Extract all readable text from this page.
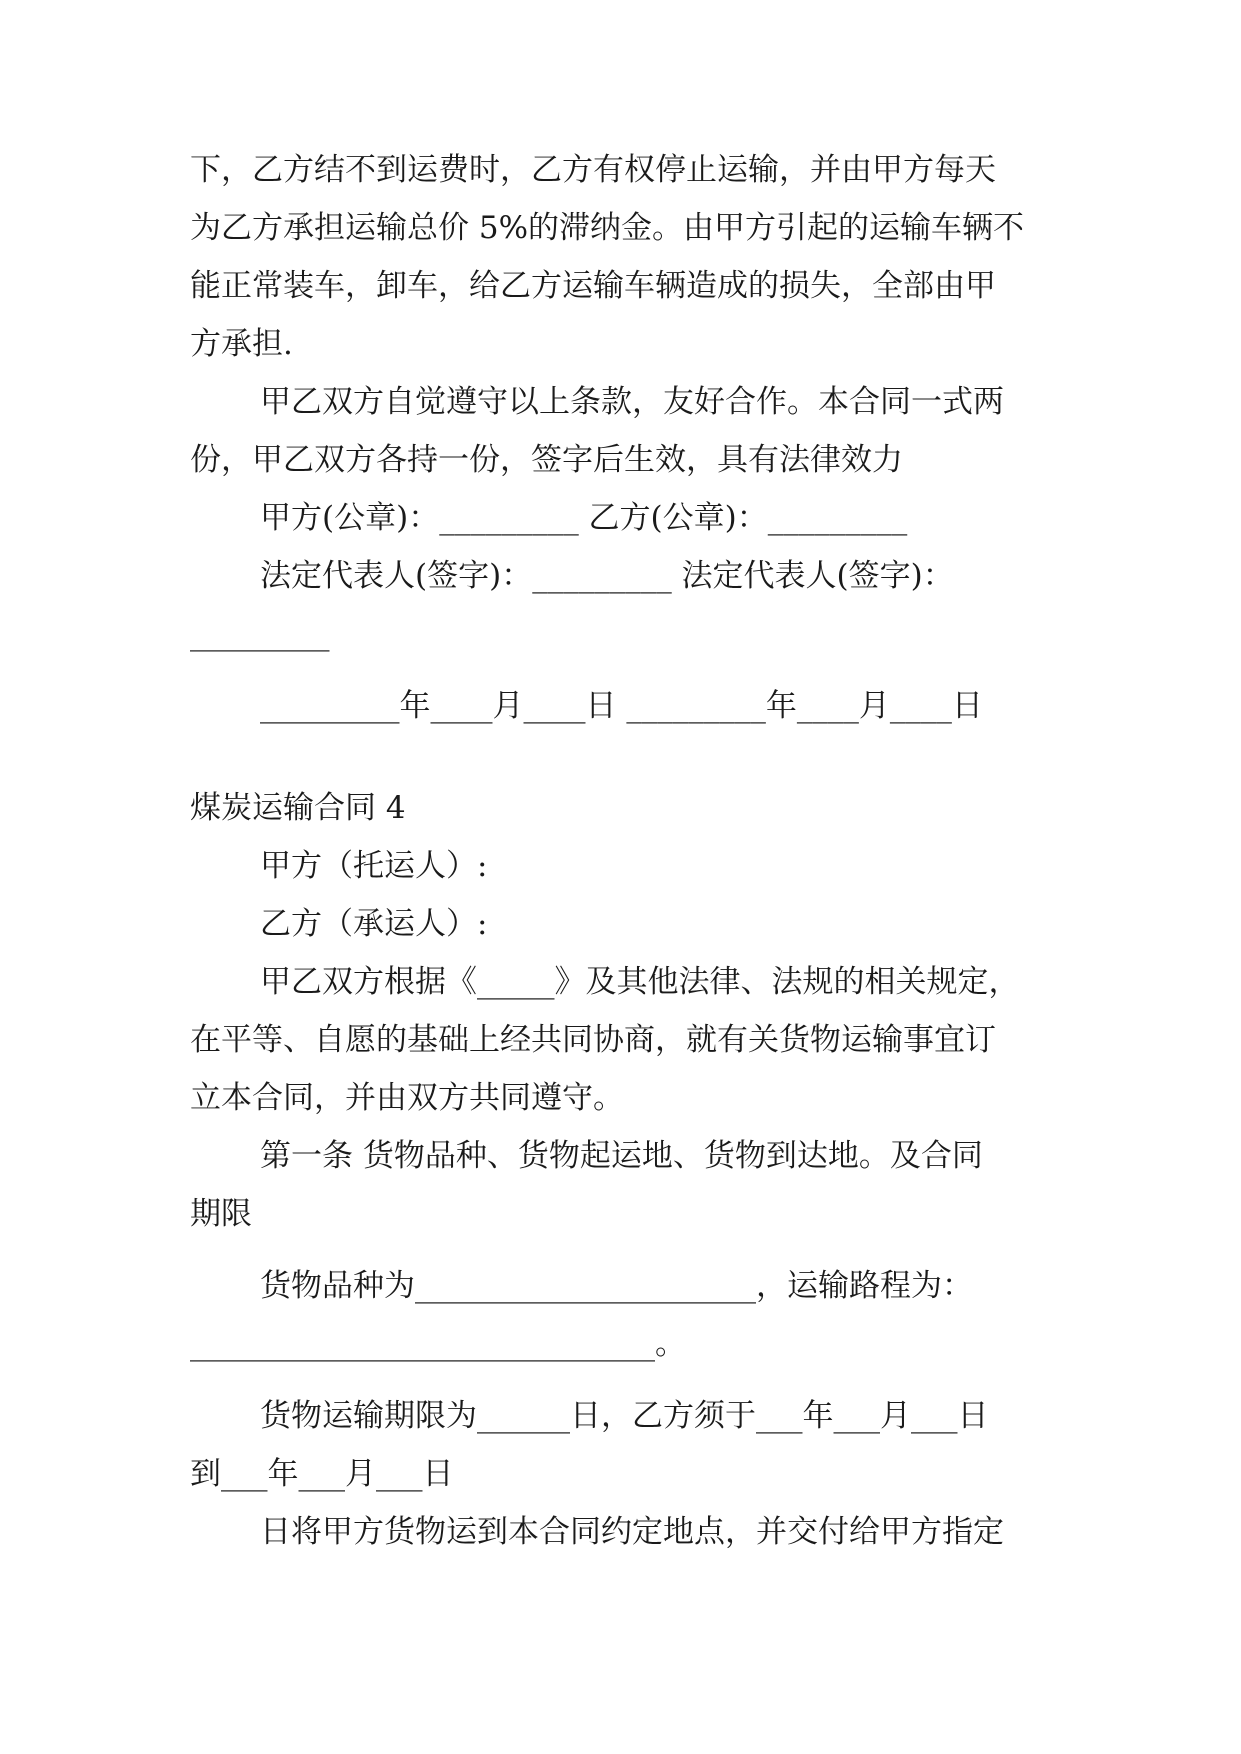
下，乙方结不到运费时，乙方有权停止运输，并由甲方每天
为乙方承担运输总价 5%的滞纳金。由甲方引起的运输车辆不
能正常装车，卸车，给乙方运输车辆造成的损失，全部由甲
方承担.
甲乙双方自觉遵守以上条款，友好合作。本合同一式两
份，甲乙双方各持一份，签字后生效，具有法律效力
甲方(公章)：_________ 乙方(公章)：_________
法定代表人(签字)：_________ 法定代表人(签字)：
_________
_________年____月____日 _________年____月____日
煤炭运输合同 4
甲方（托运人）:
乙方（承运人）:
甲乙双方根据《_____》及其他法律、法规的相关规定，
在平等、自愿的基础上经共同协商，就有关货物运输事宜订
立本合同，并由双方共同遵守。
第一条 货物品种、货物起运地、货物到达地。及合同
期限
货物品种为______________________，运输路程为：
______________________________。
货物运输期限为______日，乙方须于___年___月___日
到___年___月___日
日将甲方货物运到本合同约定地点，并交付给甲方指定
